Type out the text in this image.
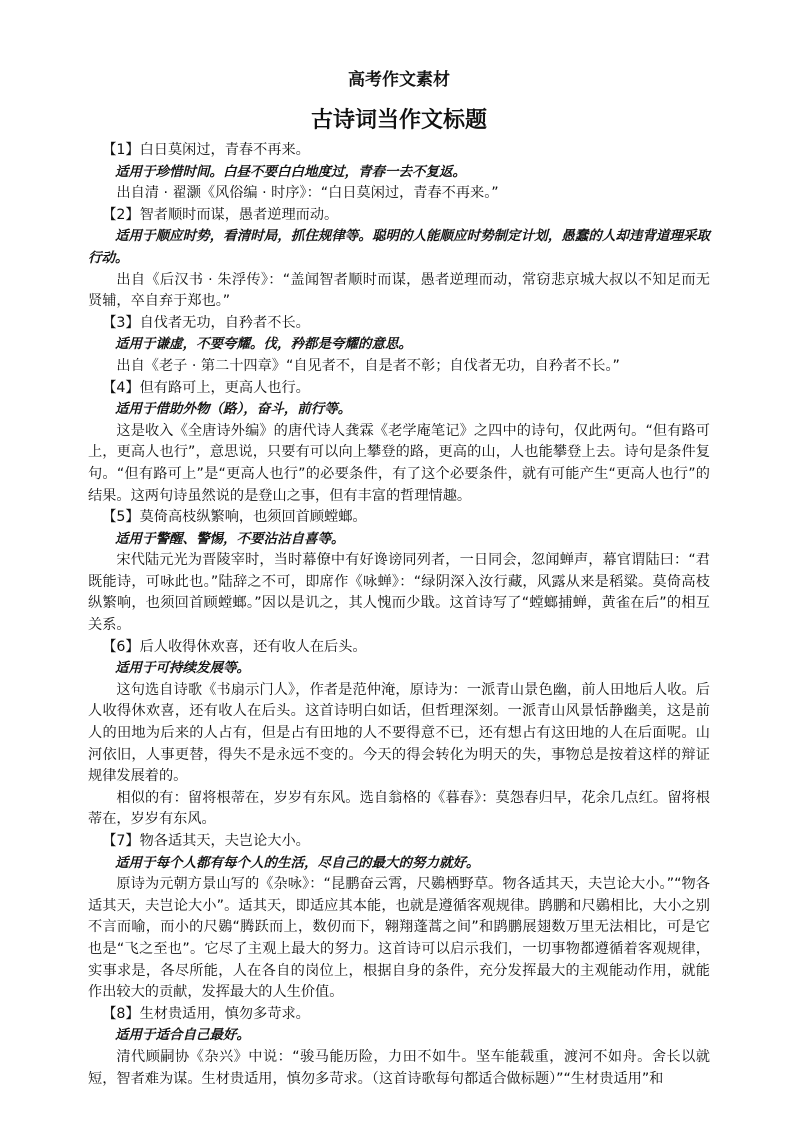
高考作文素材
古诗词当作文标题

【1】白日莫闲过，青春不再来。

适用于珍惜时间。白昼不要白白地度过，青春一去不复返。

出自清 · 翟灏《风俗编 · 时序》：“白日莫闲过，青春不再来。”

【2】智者顺时而谋，愚者逆理而动。

适用于顺应时势，看清时局，抓住规律等。聪明的人能顺应时势制定计划，愚蠢的人却违背道理采取行动。

出自《后汉书 · 朱浮传》：“盖闻智者顺时而谋，愚者逆理而动，常窃悲京城大叔以不知足而无贤辅，卒自弃于郑也。”

【3】自伐者无功，自矜者不长。

适用于谦虚，不要夸耀。伐，矜都是夸耀的意思。

出自《老子 · 第二十四章》“自见者不，自是者不彰；自伐者无功，自矜者不长。”

【4】但有路可上，更高人也行。

适用于借助外物（路），奋斗，前行等。

这是收入《全唐诗外编》的唐代诗人龚霖《老学庵笔记》之四中的诗句，仅此两句。“但有路可上，更高人也行”，意思说，只要有可以向上攀登的路，更高的山，人也能攀登上去。诗句是条件复句。“但有路可上”是“更高人也行”的必要条件，有了这个必要条件，就有可能产生“更高人也行”的结果。这两句诗虽然说的是登山之事，但有丰富的哲理情趣。

【5】莫倚高枝纵繁响，也须回首顾螳螂。

适用于警醒、警惕，不要沾沾自喜等。

宋代陆元光为晋陵宰时，当时幕僚中有好谗谤同列者，一日同会，忽闻蝉声，幕官谓陆曰：“君既能诗，可咏此也。”陆辞之不可，即席作《咏蝉》：“绿阴深入汝行藏，风露从来是稻粱。莫倚高枝纵繁响，也须回首顾螳螂。”因以是讥之，其人愧而少戢。这首诗写了“螳螂捕蝉，黄雀在后”的相互关系。

【6】后人收得休欢喜，还有收人在后头。

适用于可持续发展等。

这句选自诗歌《书扇示门人》，作者是范仲淹，原诗为：一派青山景色幽，前人田地后人收。后人收得休欢喜，还有收人在后头。这首诗明白如话，但哲理深刻。一派青山风景恬静幽美，这是前人的田地为后来的人占有，但是占有田地的人不要得意不已，还有想占有这田地的人在后面呢。山河依旧，人事更替，得失不是永远不变的。今天的得会转化为明天的失，事物总是按着这样的辩证规律发展着的。

相似的有：留将根蒂在，岁岁有东风。选自翁格的《暮春》：莫怨春归早，花余几点红。留将根蒂在，岁岁有东风。

【7】物各适其天，夫岂论大小。

适用于每个人都有每个人的生活，尽自己的最大的努力就好。

原诗为元朝方景山写的《杂咏》：“昆鹏奋云霄，尺鷃栖野草。物各适其天，夫岂论大小。”“物各适其天，夫岂论大小”。适其天，即适应其本能，也就是遵循客观规律。鹍鹏和尺鷃相比，大小之别不言而喻，而小的尺鷃“腾跃而上，数仞而下，翱翔蓬蒿之间”和鹍鹏展翅数万里无法相比，可是它也是“飞之至也”。它尽了主观上最大的努力。这首诗可以启示我们，一切事物都遵循着客观规律，实事求是，各尽所能，人在各自的岗位上，根据自身的条件，充分发挥最大的主观能动作用，就能作出较大的贡献，发挥最大的人生价值。

【8】生材贵适用，慎勿多苛求。

适用于适合自己最好。

清代顾嗣协《杂兴》中说：“骏马能历险，力田不如牛。坚车能载重，渡河不如舟。舍长以就短，智者难为谋。生材贵适用，慎勿多苛求。（这首诗歌每句都适合做标题）”“生材贵适用”和
